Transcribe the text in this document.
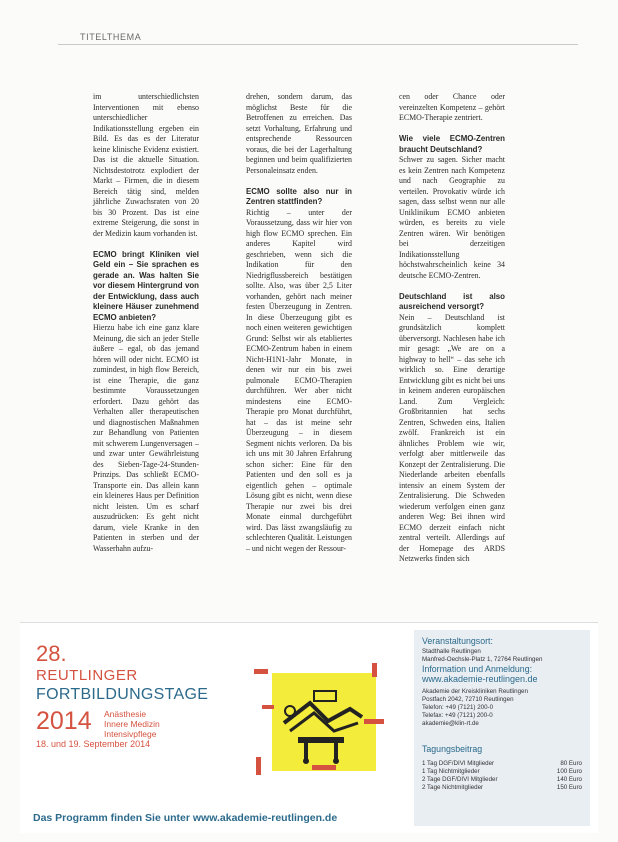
TITELTHEMA

im unterschiedlichsten Interventionen mit ebenso unterschiedlicher Indikationsstellung ergeben ein Bild. Es das es der Literatur keine klinische Evidenz existiert. Das ist die aktuelle Situation. Nichtsdestotrotz explodiert der Markt – Firmen, die in diesem Bereich tätig sind, melden jährliche Zuwachsraten von 20 bis 30 Prozent. Das ist eine extreme Steigerung, die sonst in der Medizin kaum vorhanden ist.

ECMO bringt Kliniken viel Geld ein – Sie sprachen es gerade an. Was halten Sie vor diesem Hintergrund von der Entwicklung, dass auch kleinere Häuser zunehmend ECMO anbieten?

Hierzu habe ich eine ganz klare Meinung, die sich an jeder Stelle äußere – egal, ob das jemand hören will oder nicht. ECMO ist zumindest, in high flow Bereich, ist eine Therapie, die ganz bestimmte Voraussetzungen erfordert. Dazu gehört das Verhalten aller therapeutischen und diagnostischen Maßnahmen zur Behandlung von Patienten mit schwerem Lungenversagen – und zwar unter Gewährleistung des Sieben-Tage-24-Stunden-Prinzips. Das schließt ECMO-Transporte ein. Das allein kann ein kleineres Haus per Definition nicht leisten. Um es scharf auszudrücken: Es geht nicht darum, viele Kranke in den Patienten in sterben und der Wasserhahn aufzu-

drehen, sondern darum, das möglichst Beste für die Betroffenen zu erreichen. Das setzt Vorhaltung, Erfahrung und entsprechende Ressourcen voraus, die bei der Lagerhaltung beginnen und beim qualifizierten Personaleinsatz enden.

ECMO sollte also nur in Zentren stattfinden?

Richtig – unter der Voraussetzung, dass wir hier von high flow ECMO sprechen. Ein anderes Kapitel wird geschrieben, wenn sich die Indikation für den Niedrigflussbereich bestätigen sollte. Also, was über 2,5 Liter vorhanden, gehört nach meiner festen Überzeugung in Zentren. In diese Überzeugung gibt es noch einen weiteren gewichtigen Grund: Selbst wir als etabliertes ECMO-Zentrum haben in einem Nicht-H1N1-Jahr Monate, in denen wir nur ein bis zwei pulmonale ECMO-Therapien durchführen. Wer aber nicht mindestens eine ECMO-Therapie pro Monat durchführt, hat – das ist meine sehr Überzeugung – in diesem Segment nichts verloren. Da bis ich uns mit 30 Jahren Erfahrung schon sicher: Eine für den Patienten und den soll es ja eigentlich gehen – optimale Lösung gibt es nicht, wenn diese Therapie nur zwei bis drei Monate einmal durchgeführt wird. Das lässt zwangsläufig zu schlechteren Qualität. Leistungen – und nicht wegen der Ressour-

cen oder Chance oder vereinzelten Kompetenz – gehört ECMO-Therapie zentriert.

Wie viele ECMO-Zentren braucht Deutschland?

Schwer zu sagen. Sicher macht es kein Zentren nach Kompetenz und nach Geographie zu verteilen. Provokativ würde ich sagen, dass selbst wenn nur alle Uniklinikum ECMO anbieten würden, es bereits zu viele Zentren wären. Wir benötigen bei derzeitigen Indikationsstellung höchstwahrscheinlich keine 34 deutsche ECMO-Zentren.

Deutschland ist also ausreichend versorgt?

Nein – Deutschland ist grundsätzlich komplett überversorgt. Nachlesen habe ich mir gesagt: „We are on a highway to hell“ – das sehe ich wirklich so. Eine derartige Entwicklung gibt es nicht bei uns in keinem anderen europäischen Land. Zum Vergleich: Großbritannien hat sechs Zentren, Schweden eins, Italien zwölf. Frankreich ist ein ähnliches Problem wie wir, verfolgt aber mittlerweile das Konzept der Zentralisierung. Die Niederlande arbeiten ebenfalls intensiv an einem System der Zentralisierung. Die Schweden wiederum verfolgen einen ganz anderen Weg: Bei ihnen wird ECMO derzeit einfach nicht zentral verteilt. Allerdings auf der Homepage des ARDS Netzwerks finden sich

28.
REUTLINGER
FORTBILDUNGSTAGE
2014 Anästhesie
Innere Medizin
Intensivpflege
18. und 19. September 2014
Das Programm finden Sie unter www.akademie-reutlingen.de
Veranstaltungsort:
Stadthalle Reutlingen
Manfred-Oechsle-Platz 1, 72764 Reutlingen
Information und Anmeldung:
www.akademie-reutlingen.de
Akademie der Kreiskliniken Reutlingen
Postfach 2042, 72710 Reutlingen
Telefon: +49 (7121) 200-0
Telefax: +49 (7121) 200-0
akademie@klin-rt.de
Tagungsbeitrag
1 Tag DGF/DIVI Mitglieder	80 Euro
1 Tag Nichtmitglieder	100 Euro
2 Tage DGF/DIVI Mitglieder	140 Euro
2 Tage Nichtmitglieder	150 Euro
